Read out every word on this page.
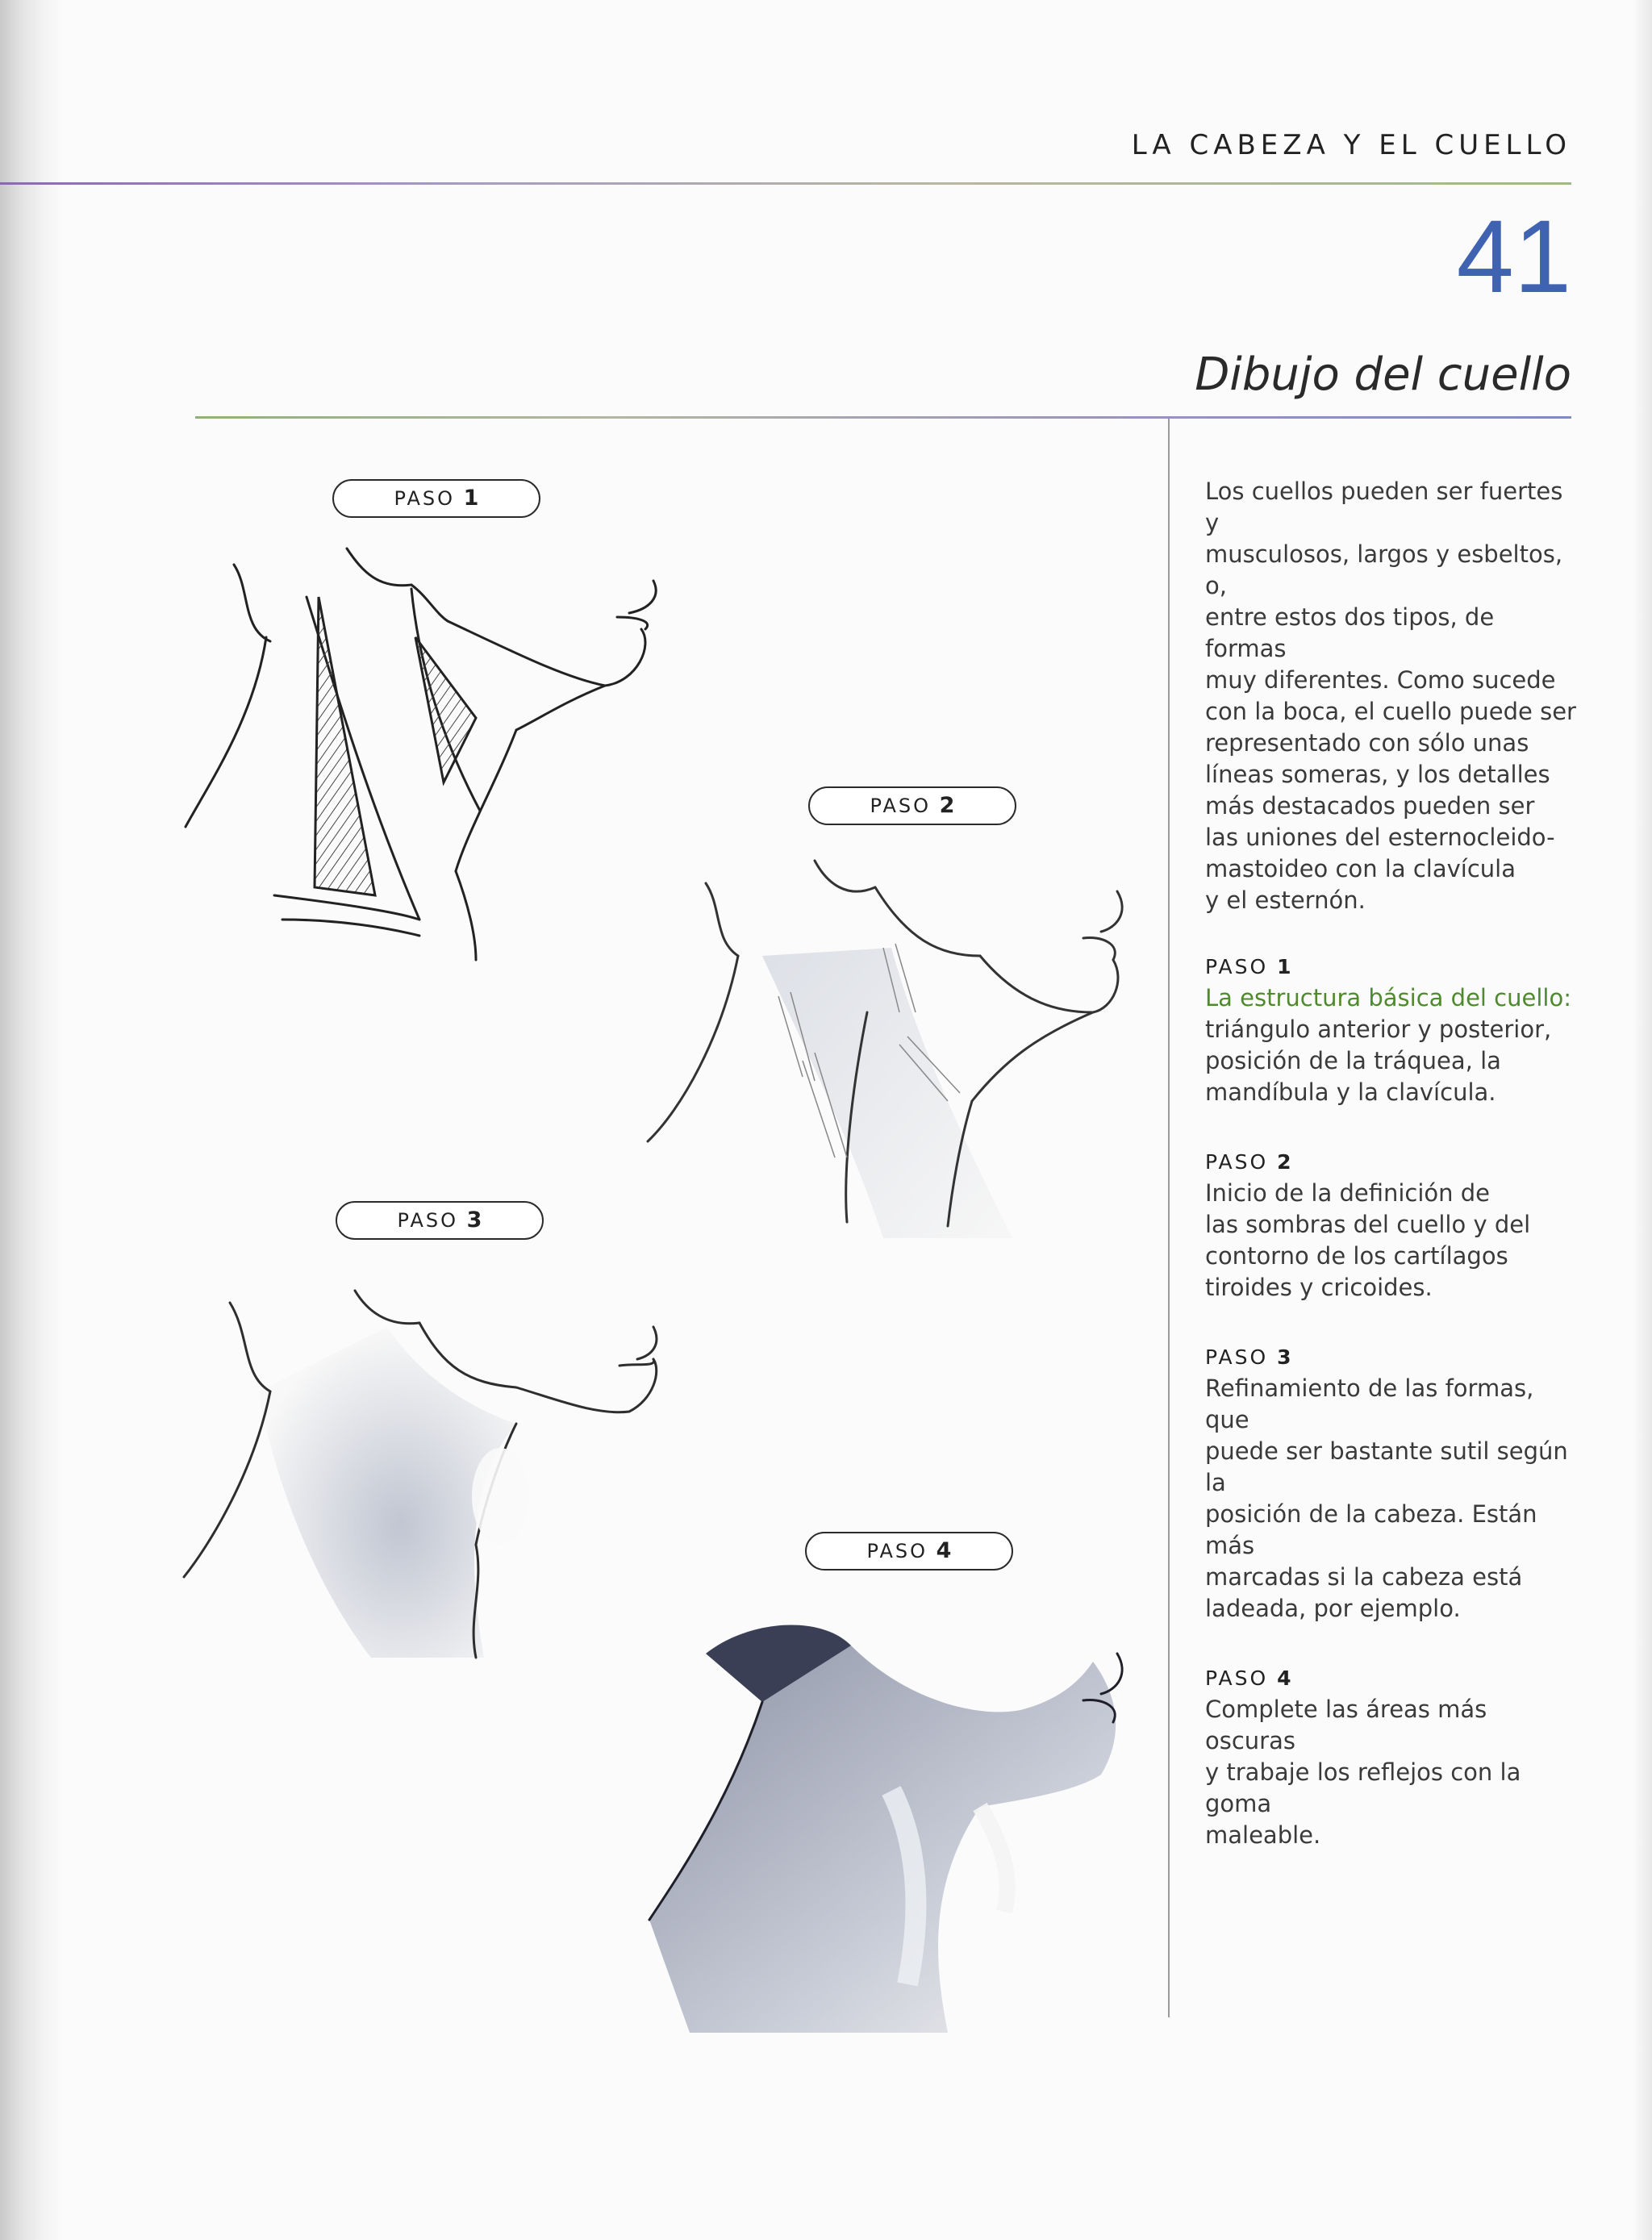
LA CABEZA Y EL CUELLO
41
Dibujo del cuello
PASO 1
PASO 2
PASO 3
PASO 4

Los cuellos pueden ser fuertes y
musculosos, largos y esbeltos, o,
entre estos dos tipos, de formas
muy diferentes. Como sucede
con la boca, el cuello puede ser
representado con sólo unas
líneas someras, y los detalles
más destacados pueden ser
las uniones del esternocleido-
mastoideo con la clavícula
y el esternón.

PASO 1

La estructura básica del cuello:
triángulo anterior y posterior,
posición de la tráquea, la
mandíbula y la clavícula.

PASO 2

Inicio de la definición de
las sombras del cuello y del
contorno de los cartílagos
tiroides y cricoides.

PASO 3

Refinamiento de las formas, que
puede ser bastante sutil según la
posición de la cabeza. Están más
marcadas si la cabeza está
ladeada, por ejemplo.

PASO 4

Complete las áreas más oscuras
y trabaje los reflejos con la goma
maleable.
